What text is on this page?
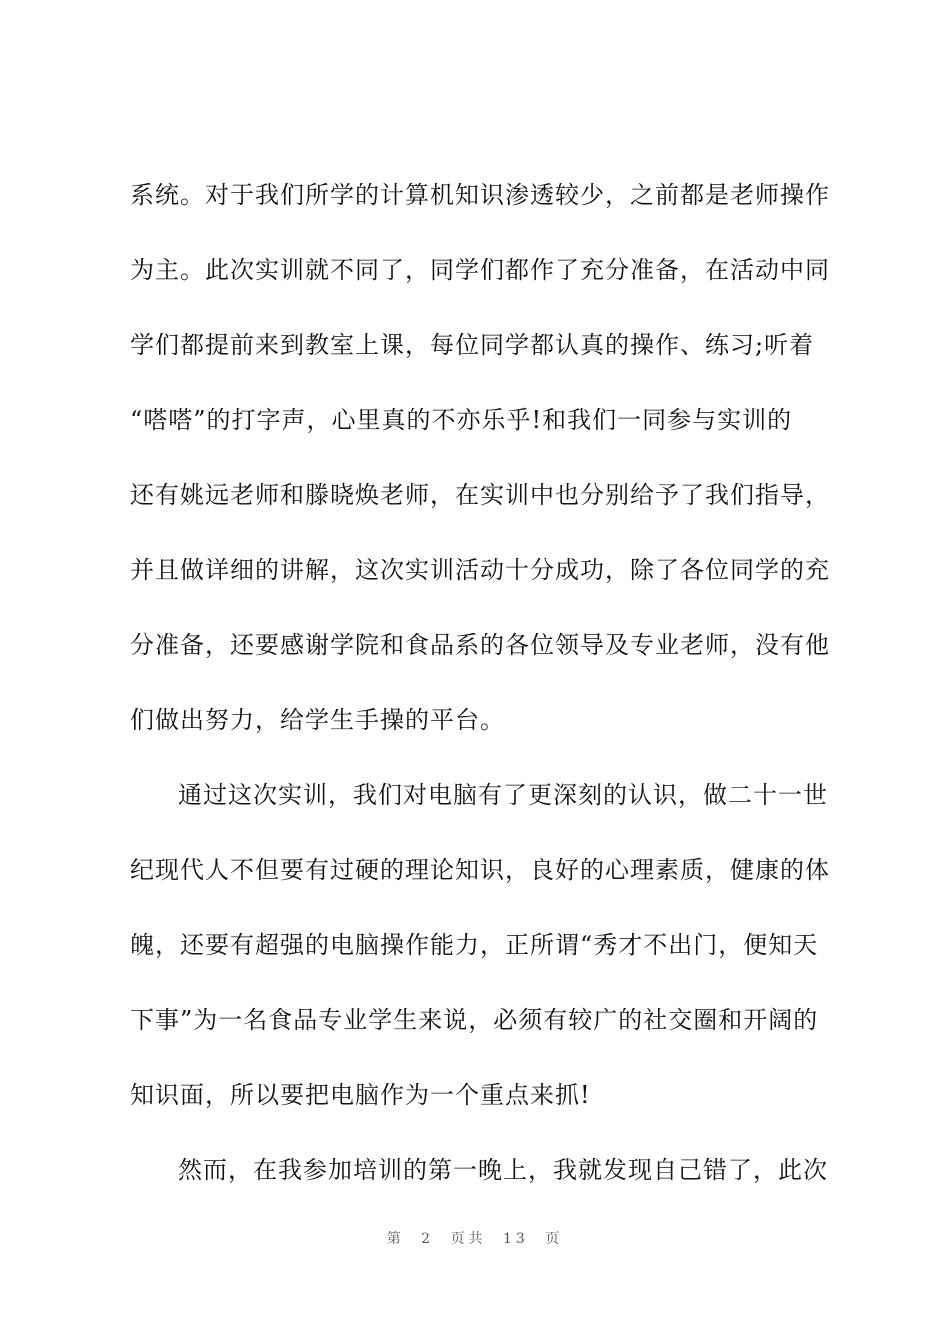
系统。对于我们所学的计算机知识渗透较少，之前都是老师操作
为主。此次实训就不同了，同学们都作了充分准备，在活动中同
学们都提前来到教室上课，每位同学都认真的操作、练习;听着
“嗒嗒”的打字声，心里真的不亦乐乎!和我们一同参与实训的
还有姚远老师和滕晓焕老师，在实训中也分别给予了我们指导，
并且做详细的讲解，这次实训活动十分成功，除了各位同学的充
分准备，还要感谢学院和食品系的各位领导及专业老师，没有他
们做出努力，给学生手操的平台。
通过这次实训，我们对电脑有了更深刻的认识，做二十一世
纪现代人不但要有过硬的理论知识，良好的心理素质，健康的体
魄，还要有超强的电脑操作能力，正所谓“秀才不出门，便知天
下事”为一名食品专业学生来说，必须有较广的社交圈和开阔的
知识面，所以要把电脑作为一个重点来抓!
然而，在我参加培训的第一晚上，我就发现自己错了，此次
第 2 页共 13 页
